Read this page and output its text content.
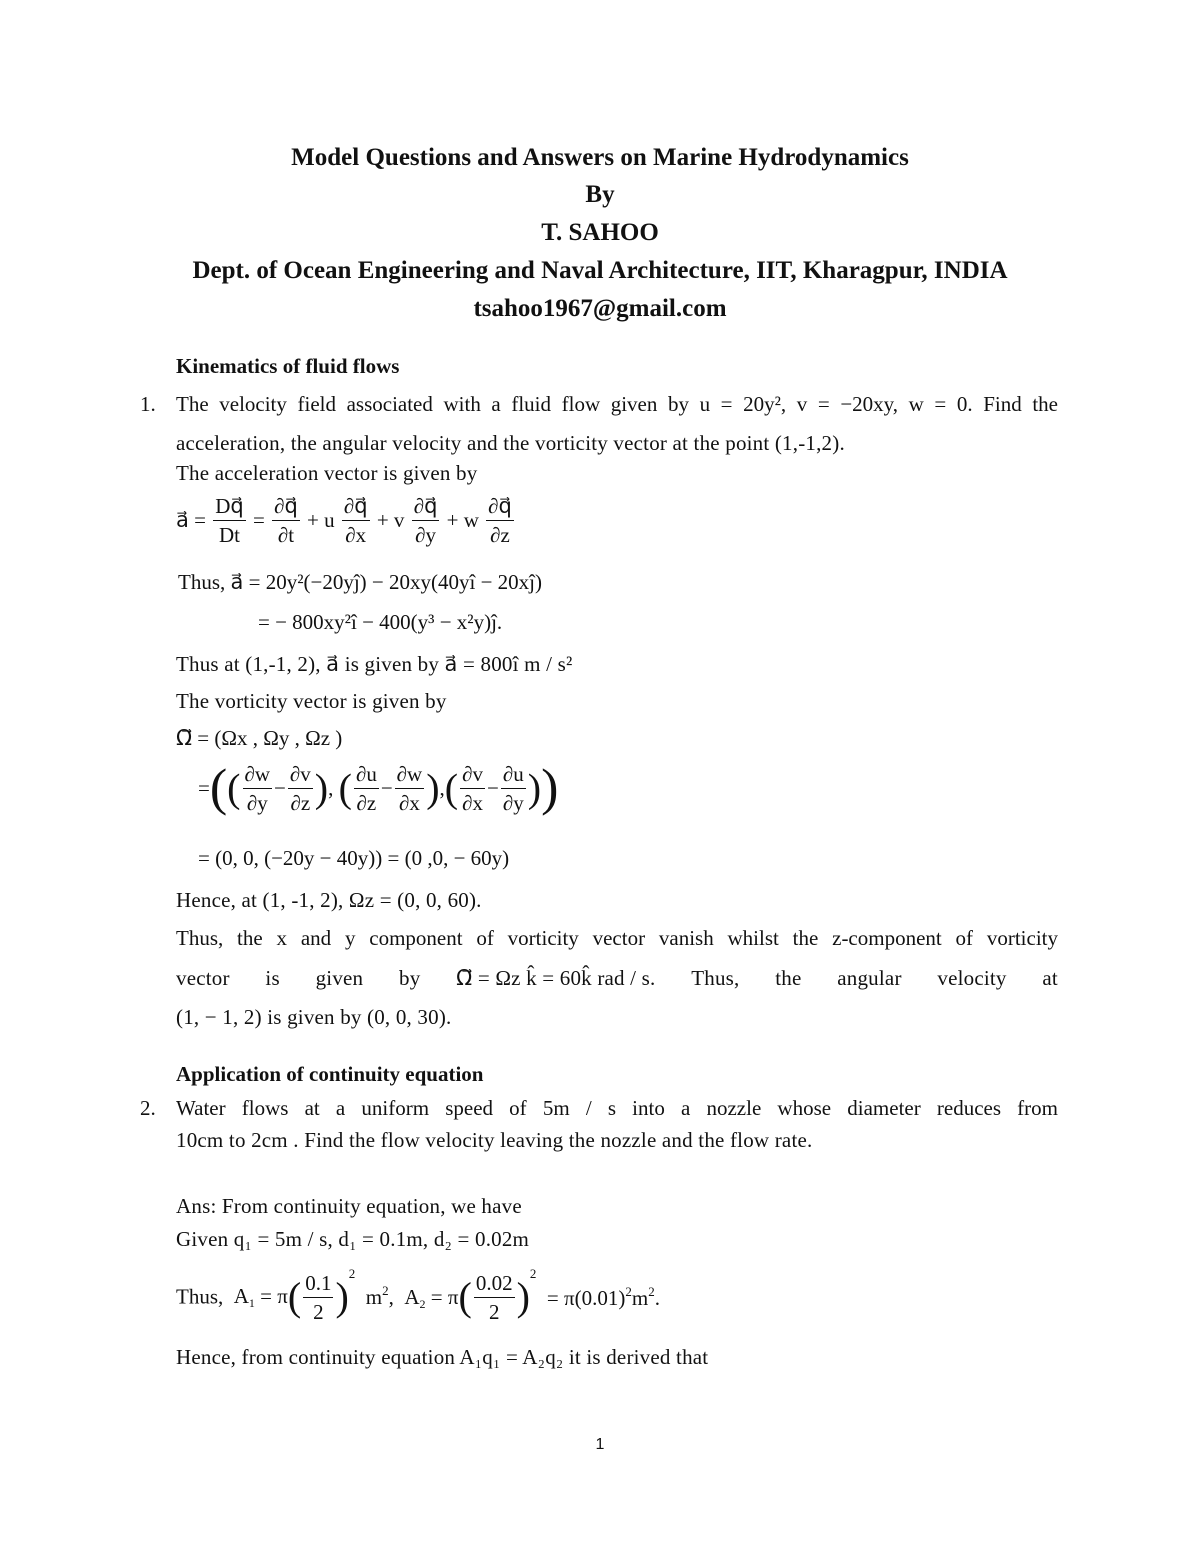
Model Questions and Answers on Marine Hydrodynamics
By
T. SAHOO
Dept. of Ocean Engineering and Naval Architecture, IIT, Kharagpur, INDIA
tsahoo1967@gmail.com
Kinematics of fluid flows
1. The velocity field associated with a fluid flow given by u = 20y², v = −20xy, w = 0. Find the
acceleration, the angular velocity and the vorticity vector at the point (1,-1,2).
The acceleration vector is given by
a⃗ = $\frac{Dq⃗}{Dt} = \frac{\partial q⃗}{\partial t} + u \frac{\partial q⃗}{\partial x} + v \frac{\partial q⃗}{\partial y} + w \frac{\partial q⃗}{\partial z}$
Thus, a⃗ = 20y²(−20yĵ) − 20xy(40yî − 20xĵ)
= − 800xy²î − 400(y³ − x²y)ĵ.
Thus at (1,-1, 2), a⃗ is given by a⃗ = 800î m / s²
The vorticity vector is given by
Ω⃗ = (Ωx , Ωy , Ωz )
=(( $\frac{\partial w}{\partial y} - \frac{\partial v}{\partial z}$ ), ( $\frac{\partial u}{\partial z} - \frac{\partial w}{\partial x}$ ),( $\frac{\partial v}{\partial x} - \frac{\partial u}{\partial y}$ ))
= (0, 0, (−20y − 40y)) = (0 ,0, − 60y)
Hence, at (1, -1, 2), Ωz = (0, 0, 60).
Thus, the x and y component of vorticity vector vanish whilst the z-component of vorticity
vector is given by Ω⃗ = Ωz k̂ = 60k̂ rad / s. Thus, the angular velocity at
(1, − 1, 2) is given by (0, 0, 30).
Application of continuity equation
2. Water flows at a uniform speed of 5m / s into a nozzle whose diameter reduces from
10cm to 2cm . Find the flow velocity leaving the nozzle and the flow rate.
Ans: From continuity equation, we have
Given q₁ = 5m / s, d₁ = 0.1m, d₂ = 0.02m
Thus,  $A_1 = \pi( \frac{0.1}{2} )^2$  $m^2$,  $A_2 = \pi( \frac{0.02}{2} )^2 = \pi(0.01)^2m^2$.
Hence, from continuity equation A₁q₁ = A₂q₂ it is derived that
1
